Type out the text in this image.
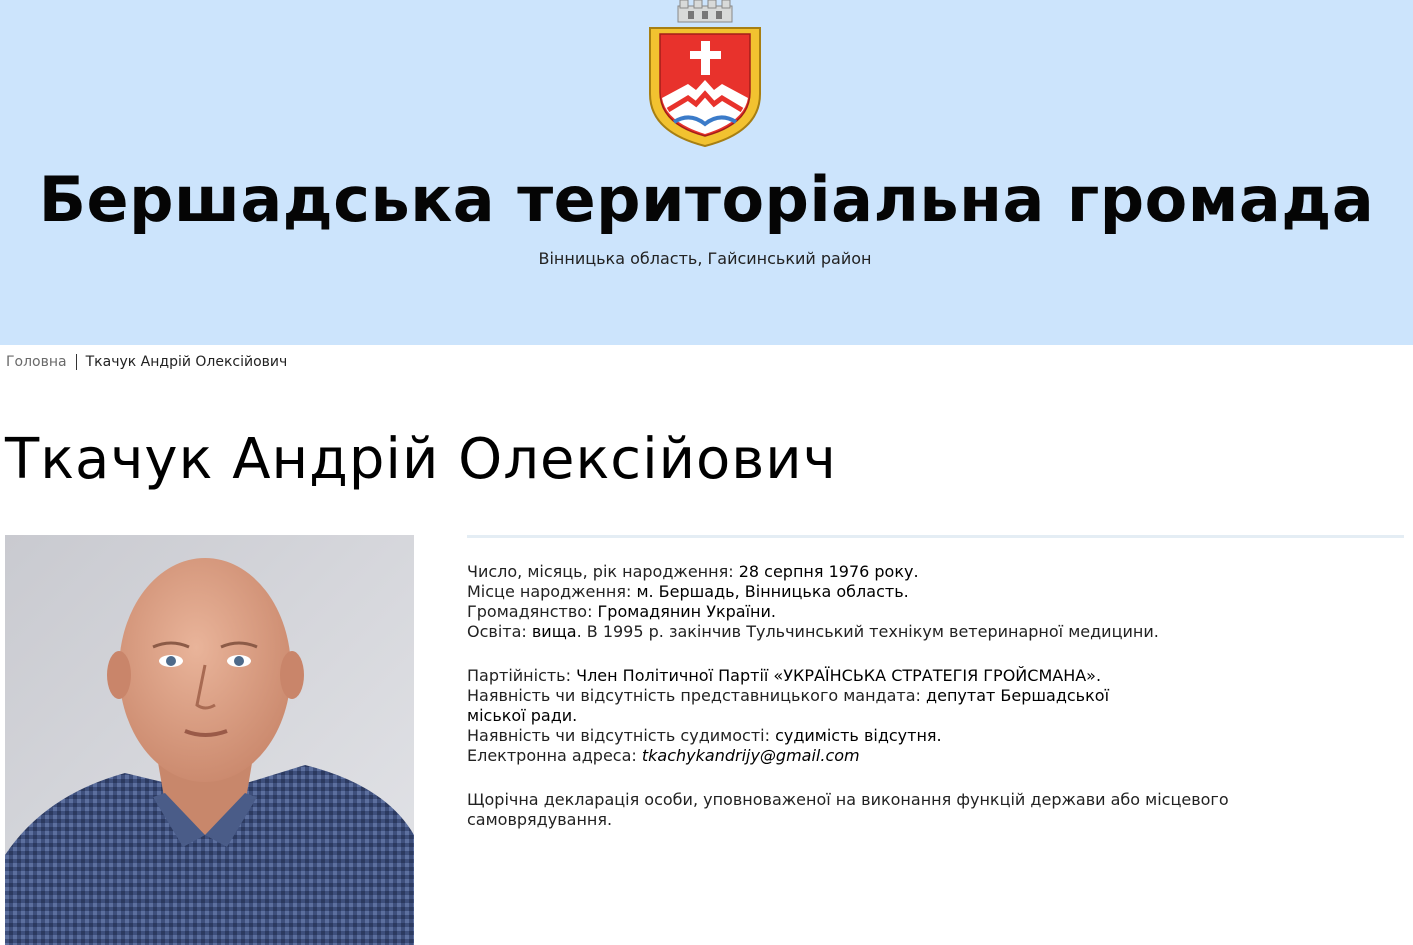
Бершадська територіальна громада
Вінницька область, Гайсинський район
Головна Ткачук Андрій Олексійович
Ткачук Андрій Олексійович

Число, місяць, рік народження: 28 серпня 1976 року.

Місце народження: м. Бершадь, Вінницька область.

Громадянство: Громадянин України.

Освіта: вища. В 1995 р. закінчив Тульчинський технікум ветеринарної медицини.

Партійність: Член Політичної Партії «УКРАЇНСЬКА СТРАТЕГІЯ ГРОЙСМАНА».

Наявність чи відсутність представницького мандата: депутат Бершадської

міської ради.

Наявність чи відсутність судимості: судимість відсутня.

Електронна адреса: tkachykandrijy@gmail.com

Щорічна декларація особи, уповноваженої на виконання функцій держави або місцевого самоврядування.
